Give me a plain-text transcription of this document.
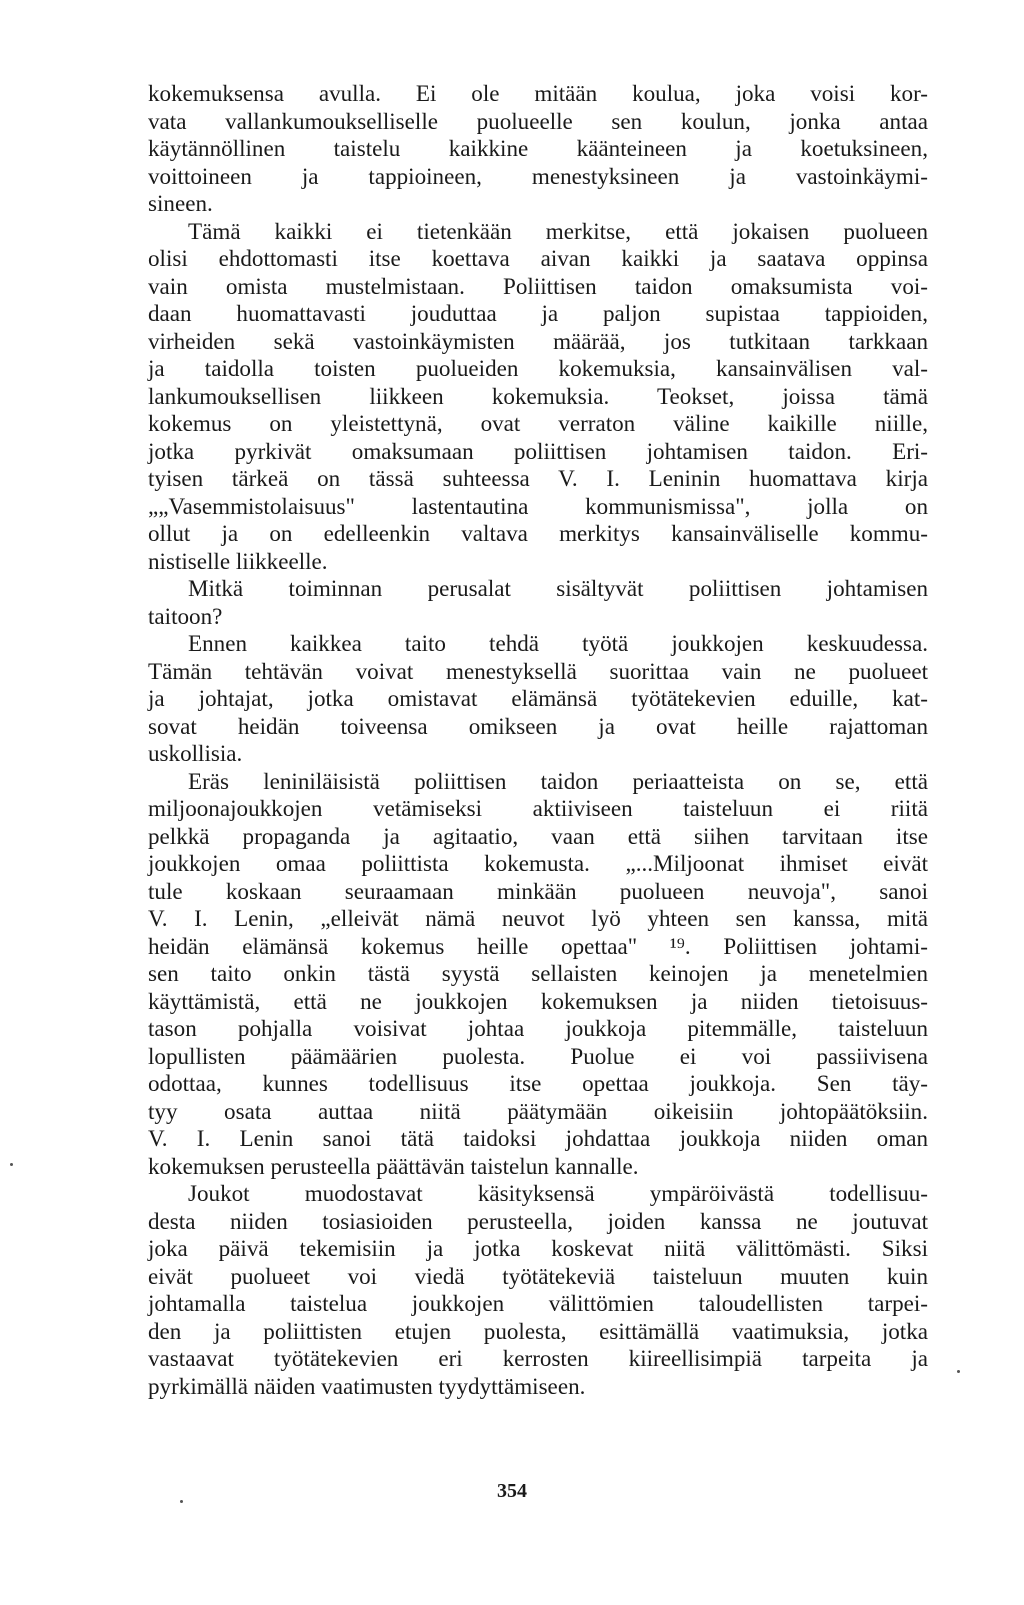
kokemuksensa avulla. Ei ole mitään koulua, joka voisi kor-
vata vallankumoukselliselle puolueelle sen koulun, jonka antaa
käytännöllinen taistelu kaikkine käänteineen ja koetuksineen,
voittoineen ja tappioineen, menestyksineen ja vastoinkäymi-
sineen.
Tämä kaikki ei tietenkään merkitse, että jokaisen puolueen
olisi ehdottomasti itse koettava aivan kaikki ja saatava oppinsa
vain omista mustelmistaan. Poliittisen taidon omaksumista voi-
daan huomattavasti jouduttaa ja paljon supistaa tappioiden,
virheiden sekä vastoinkäymisten määrää, jos tutkitaan tarkkaan
ja taidolla toisten puolueiden kokemuksia, kansainvälisen val-
lankumouksellisen liikkeen kokemuksia. Teokset, joissa tämä
kokemus on yleistettynä, ovat verraton väline kaikille niille,
jotka pyrkivät omaksumaan poliittisen johtamisen taidon. Eri-
tyisen tärkeä on tässä suhteessa V. I. Leninin huomattava kirja
„„Vasemmistolaisuus" lastentautina kommunismissa", jolla on
ollut ja on edelleenkin valtava merkitys kansainväliselle kommu-
nistiselle liikkeelle.
Mitkä toiminnan perusalat sisältyvät poliittisen johtamisen
taitoon?
Ennen kaikkea taito tehdä työtä joukkojen keskuudessa.
Tämän tehtävän voivat menestyksellä suorittaa vain ne puolueet
ja johtajat, jotka omistavat elämänsä työtätekevien eduille, kat-
sovat heidän toiveensa omikseen ja ovat heille rajattoman
uskollisia.
Eräs leniniläisistä poliittisen taidon periaatteista on se, että
miljoonajoukkojen vetämiseksi aktiiviseen taisteluun ei riitä
pelkkä propaganda ja agitaatio, vaan että siihen tarvitaan itse
joukkojen omaa poliittista kokemusta. „...Miljoonat ihmiset eivät
tule koskaan seuraamaan minkään puolueen neuvoja", sanoi
V. I. Lenin, „elleivät nämä neuvot lyö yhteen sen kanssa, mitä
heidän elämänsä kokemus heille opettaa" ¹⁹. Poliittisen johtami-
sen taito onkin tästä syystä sellaisten keinojen ja menetelmien
käyttämistä, että ne joukkojen kokemuksen ja niiden tietoisuus-
tason pohjalla voisivat johtaa joukkoja pitemmälle, taisteluun
lopullisten päämäärien puolesta. Puolue ei voi passiivisena
odottaa, kunnes todellisuus itse opettaa joukkoja. Sen täy-
tyy osata auttaa niitä päätymään oikeisiin johtopäätöksiin.
V. I. Lenin sanoi tätä taidoksi johdattaa joukkoja niiden oman
kokemuksen perusteella päättävän taistelun kannalle.
Joukot muodostavat käsityksensä ympäröivästä todellisuu-
desta niiden tosiasioiden perusteella, joiden kanssa ne joutuvat
joka päivä tekemisiin ja jotka koskevat niitä välittömästi. Siksi
eivät puolueet voi viedä työtätekeviä taisteluun muuten kuin
johtamalla taistelua joukkojen välittömien taloudellisten tarpei-
den ja poliittisten etujen puolesta, esittämällä vaatimuksia, jotka
vastaavat työtätekevien eri kerrosten kiireellisimpiä tarpeita ja
pyrkimällä näiden vaatimusten tyydyttämiseen.
354
